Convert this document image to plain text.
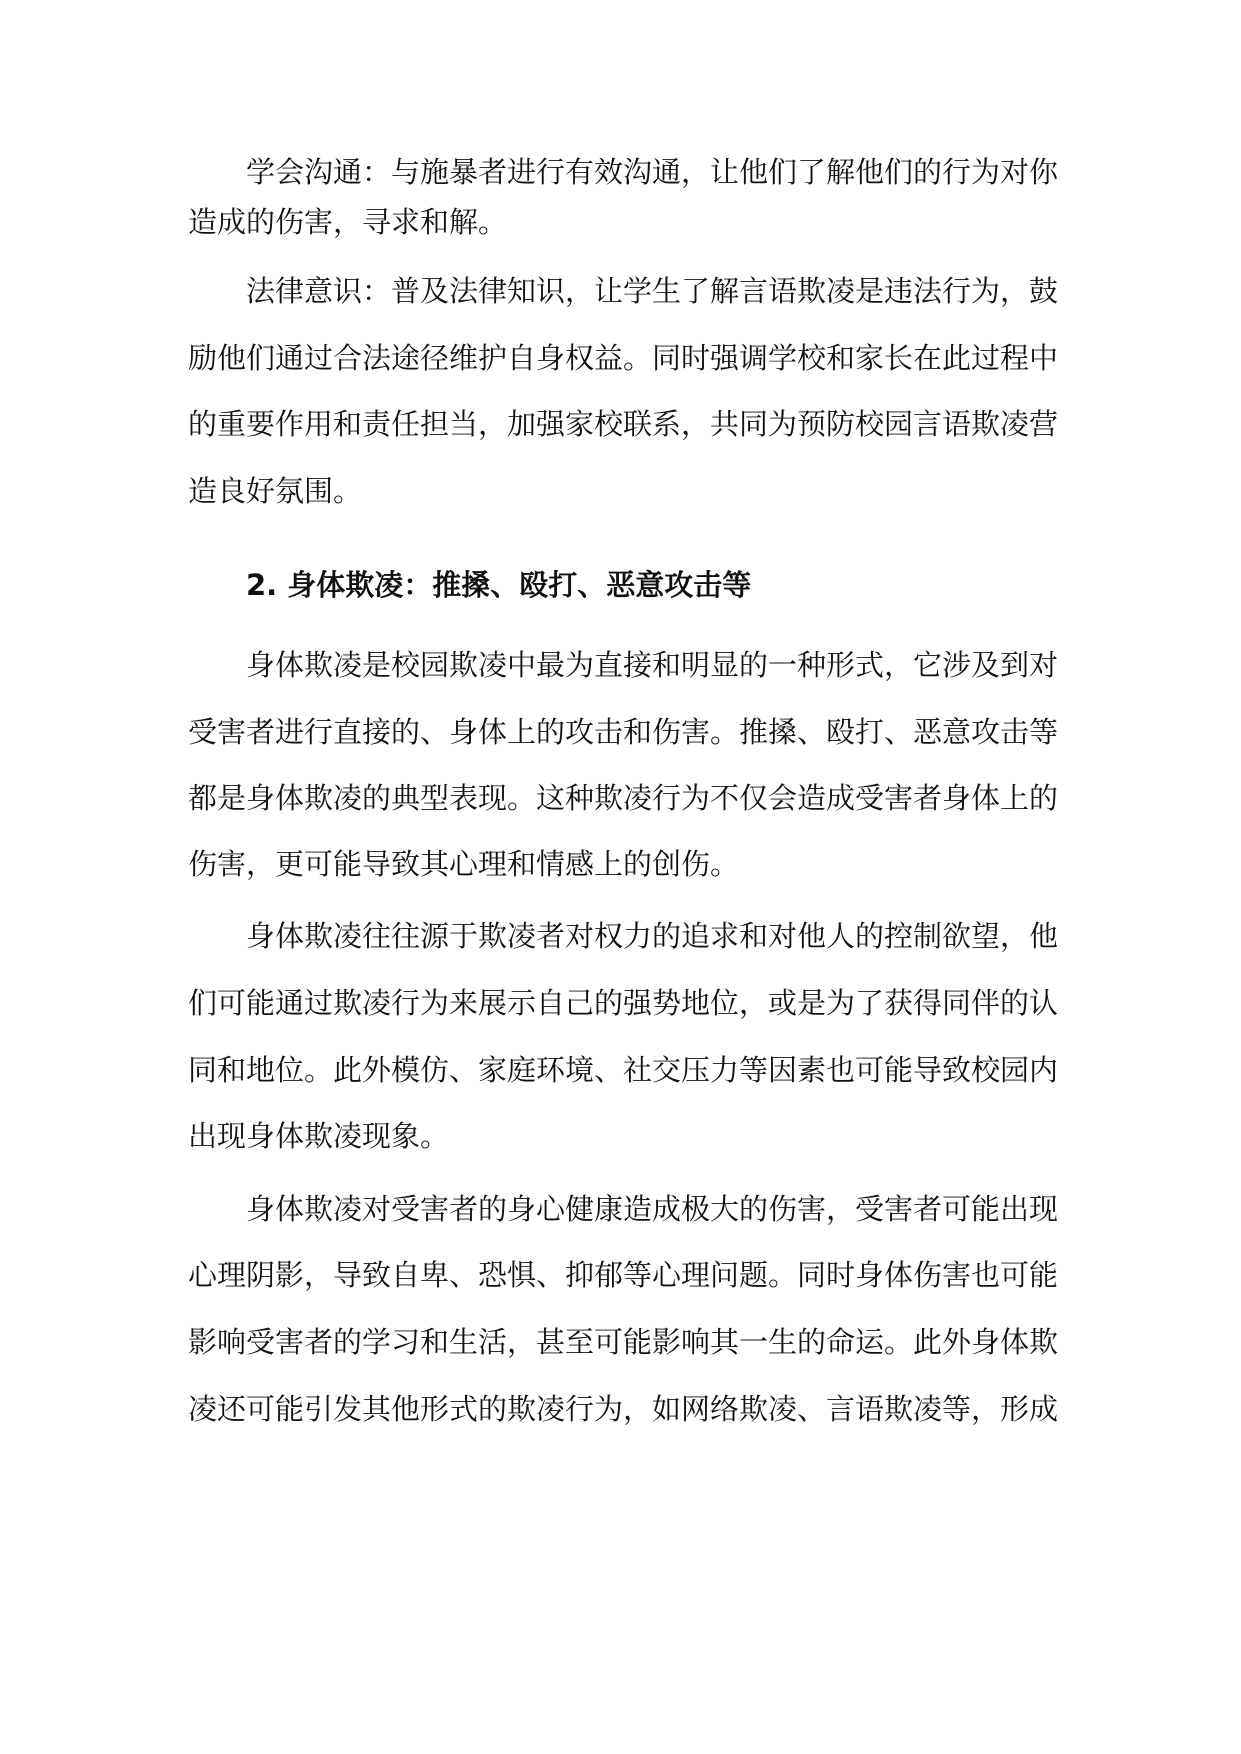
学会沟通：与施暴者进行有效沟通，让他们了解他们的行为对你
造成的伤害，寻求和解。
法律意识：普及法律知识，让学生了解言语欺凌是违法行为，鼓
励他们通过合法途径维护自身权益。同时强调学校和家长在此过程中
的重要作用和责任担当，加强家校联系，共同为预防校园言语欺凌营
造良好氛围。
2. 身体欺凌：推搡、殴打、恶意攻击等
身体欺凌是校园欺凌中最为直接和明显的一种形式，它涉及到对
受害者进行直接的、身体上的攻击和伤害。推搡、殴打、恶意攻击等
都是身体欺凌的典型表现。这种欺凌行为不仅会造成受害者身体上的
伤害，更可能导致其心理和情感上的创伤。
身体欺凌往往源于欺凌者对权力的追求和对他人的控制欲望，他
们可能通过欺凌行为来展示自己的强势地位，或是为了获得同伴的认
同和地位。此外模仿、家庭环境、社交压力等因素也可能导致校园内
出现身体欺凌现象。
身体欺凌对受害者的身心健康造成极大的伤害，受害者可能出现
心理阴影，导致自卑、恐惧、抑郁等心理问题。同时身体伤害也可能
影响受害者的学习和生活，甚至可能影响其一生的命运。此外身体欺
凌还可能引发其他形式的欺凌行为，如网络欺凌、言语欺凌等，形成
